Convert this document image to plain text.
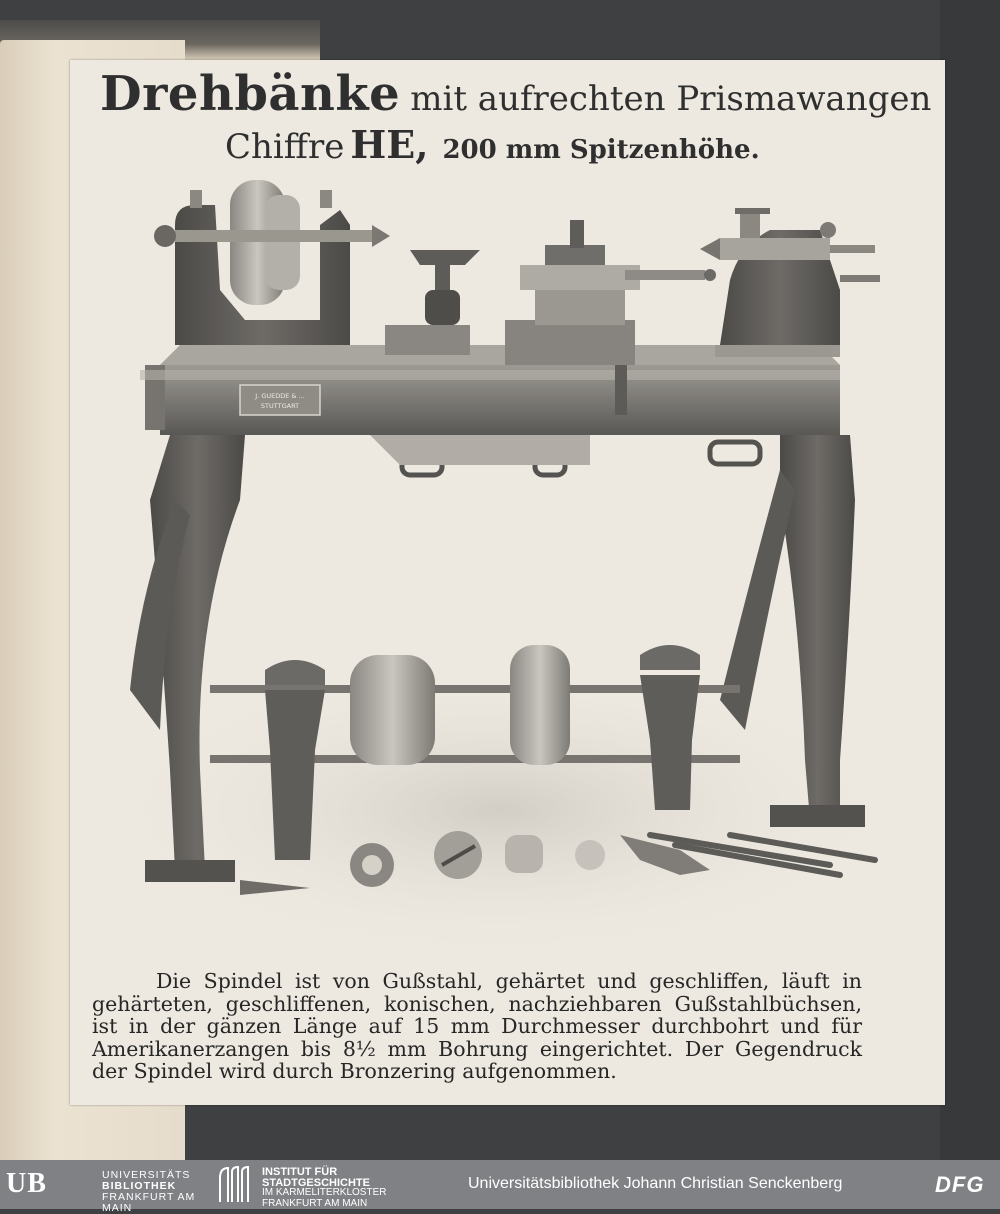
Drehbänke mit aufrechten Prismawangen
Chiffre HE, 200 mm Spitzenhöhe.
J. GUEDDE & ...
STUTTGART
Die Spindel ist von Gußstahl, gehärtet und geschliffen, läuft in
gehärteten, geschliffenen, konischen, nachziehbaren Gußstahlbüchsen,
ist in der gänzen Länge auf 15 mm Durchmesser durchbohrt und für
Amerikanerzangen bis 8½ mm Bohrung eingerichtet. Der Gegendruck
der Spindel wird durch Bronzering aufgenommen.
UB	UNIVERSITÄTS
BIBLIOTHEK
FRANKFURT AM MAIN
INSTITUT FÜR
STADTGESCHICHTE
IM KARMELITERKLOSTER
FRANKFURT AM MAIN
Universitätsbibliothek Johann Christian Senckenberg	DFG
